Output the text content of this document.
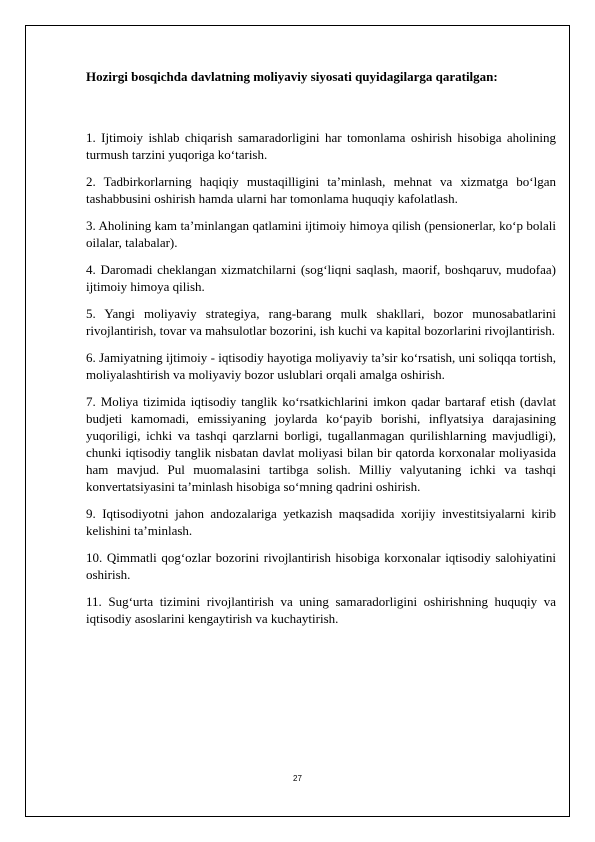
Hozirgi bosqichda davlatning moliyaviy siyosati quyidagilarga qaratilgan:

1. Ijtimoiy ishlab chiqarish samaradorligini har tomonlama oshirish hisobiga aholining turmush tarzini yuqoriga ko‘tarish.

2. Tadbirkorlarning haqiqiy mustaqilligini ta’minlash, mehnat va xizmatga bo‘lgan tashabbusini oshirish hamda ularni har tomonlama huquqiy kafolatlash.

3. Aholining kam ta’minlangan qatlamini ijtimoiy himoya qilish (pensionerlar, ko‘p bolali oilalar, talabalar).

4. Daromadi cheklangan xizmatchilarni (sog‘liqni saqlash, maorif, boshqaruv, mudofaa) ijtimoiy himoya qilish.

5. Yangi moliyaviy strategiya, rang-barang mulk shakllari, bozor munosabatlarini rivojlantirish, tovar va mahsulotlar bozorini, ish kuchi va kapital bozorlarini rivojlantirish.

6. Jamiyatning ijtimoiy - iqtisodiy hayotiga moliyaviy ta’sir ko‘rsatish, uni soliqqa tortish, moliyalashtirish va moliyaviy bozor uslublari orqali amalga oshirish.

7. Moliya tizimida iqtisodiy tanglik ko‘rsatkichlarini imkon qadar bartaraf etish (davlat budjeti kamomadi, emissiyaning joylarda ko‘payib borishi, inflyatsiya darajasining yuqoriligi, ichki va tashqi qarzlarni borligi, tugallanmagan qurilishlarning mavjudligi), chunki iqtisodiy tanglik nisbatan davlat moliyasi bilan bir qatorda korxonalar moliyasida ham mavjud. Pul muomalasini tartibga solish. Milliy valyutaning ichki va tashqi konvertatsiyasini ta’minlash hisobiga so‘mning qadrini oshirish.

9. Iqtisodiyotni jahon andozalariga yetkazish maqsadida xorijiy investitsiyalarni kirib kelishini ta’minlash.

10. Qimmatli qog‘ozlar bozorini rivojlantirish hisobiga korxonalar iqtisodiy salohiyatini oshirish.

11. Sug‘urta tizimini rivojlantirish va uning samaradorligini oshirishning huquqiy va iqtisodiy asoslarini kengaytirish va kuchaytirish.

27
